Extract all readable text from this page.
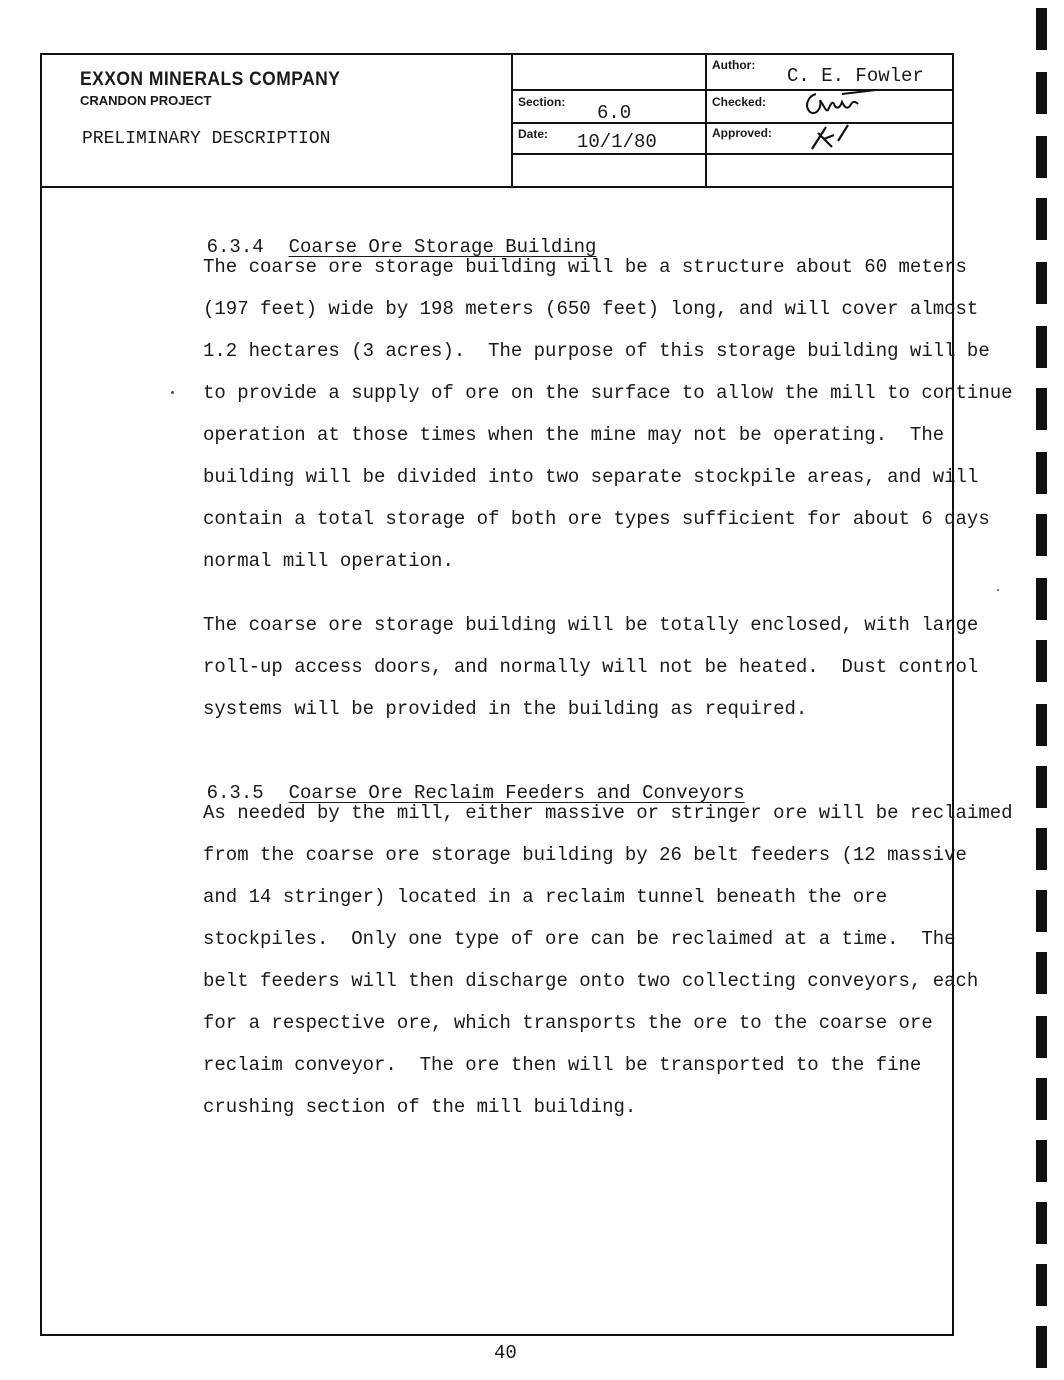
EXXON MINERALS COMPANY
CRANDON PROJECT
PRELIMINARY DESCRIPTION
Section: 6.0
Date: 10/1/80
Author: C. E. Fowler
Checked:
Approved:

6.3.4 Coarse Ore Storage Building

The coarse ore storage building will be a structure about 60 meters
(197 feet) wide by 198 meters (650 feet) long, and will cover almost
1.2 hectares (3 acres).  The purpose of this storage building will be
to provide a supply of ore on the surface to allow the mill to continue
operation at those times when the mine may not be operating.  The
building will be divided into two separate stockpile areas, and will
contain a total storage of both ore types sufficient for about 6 days
normal mill operation.
The coarse ore storage building will be totally enclosed, with large
roll-up access doors, and normally will not be heated.  Dust control
systems will be provided in the building as required.

6.3.5 Coarse Ore Reclaim Feeders and Conveyors

As needed by the mill, either massive or stringer ore will be reclaimed
from the coarse ore storage building by 26 belt feeders (12 massive
and 14 stringer) located in a reclaim tunnel beneath the ore
stockpiles.  Only one type of ore can be reclaimed at a time.  The
belt feeders will then discharge onto two collecting conveyors, each
for a respective ore, which transports the ore to the coarse ore
reclaim conveyor.  The ore then will be transported to the fine
crushing section of the mill building.
40
